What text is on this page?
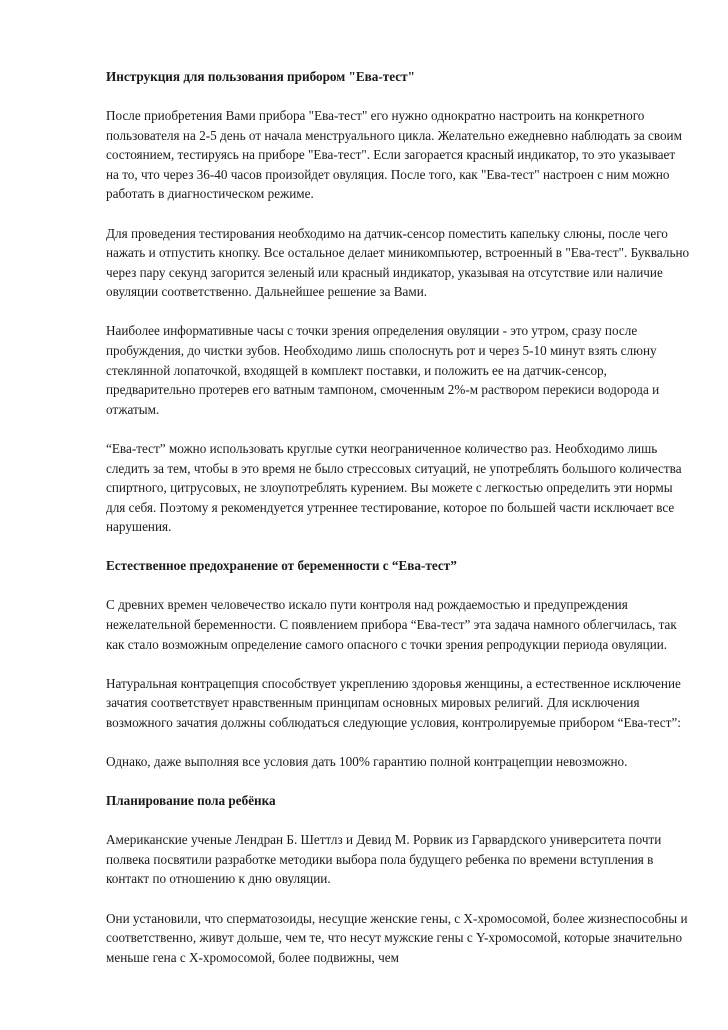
Инструкция для пользования прибором "Ева-тест"

После приобретения Вами прибора "Ева-тест" его нужно однократно настроить на конкретного пользователя на 2-5 день от начала менструального цикла. Желательно ежедневно наблюдать за своим состоянием, тестируясь на приборе "Ева-тест". Если загорается красный индикатор, то это указывает на то, что через 36-40 часов произойдет овуляция. После того, как "Ева-тест" настроен с ним можно работать в диагностическом режиме.

Для проведения тестирования необходимо на датчик-сенсор поместить капельку слюны, после чего нажать и отпустить кнопку. Все остальное делает миникомпьютер, встроенный в "Ева-тест". Буквально через пару секунд загорится зеленый или красный индикатор, указывая на отсутствие или наличие овуляции соответственно. Дальнейшее решение за Вами.

Наиболее информативные часы с точки зрения определения овуляции - это утром, сразу после пробуждения, до чистки зубов. Необходимо лишь сполоснуть рот и через 5-10 минут взять слюну стеклянной лопаточкой, входящей в комплект поставки, и положить ее на датчик-сенсор, предварительно протерев его ватным тампоном, смоченным 2%-м раствором перекиси водорода и отжатым.

“Ева-тест” можно использовать круглые сутки неограниченное количество раз. Необходимо лишь следить за тем, чтобы в это время не было стрессовых ситуаций, не употреблять большого количества спиртного, цитрусовых, не злоупотреблять курением. Вы можете с легкостью определить эти нормы для себя. Поэтому я рекомендуется утреннее тестирование, которое по большей части исключает все нарушения.

Естественное предохранение от беременности с “Ева-тест”

С древних времен человечество искало пути контроля над рождаемостью и предупреждения нежелательной беременности. С появлением прибора “Ева-тест” эта задача намного облегчилась, так как стало возможным определение самого опасного с точки зрения репродукции периода овуляции.

Натуральная контрацепция способствует укреплению здоровья женщины, а естественное исключение зачатия соответствует нравственным принципам основных мировых религий. Для исключения возможного зачатия должны соблюдаться следующие условия, контролируемые прибором “Ева-тест”:

Однако, даже выполняя все условия дать 100% гарантию полной контрацепции невозможно.

Планирование пола ребёнка

Американские ученые Лендран Б. Шеттлз и Девид М. Рорвик из Гарвардского университета почти полвека посвятили разработке методики выбора пола будущего ребенка по времени вступления в контакт по отношению к дню овуляции.

Они установили, что сперматозоиды, несущие женские гены, с Х-хромосомой, более жизнеспособны и соответственно, живут дольше, чем те, что несут мужские гены с Y-хромосомой, которые значительно меньше гена с Х-хромосомой, более подвижны, чем
